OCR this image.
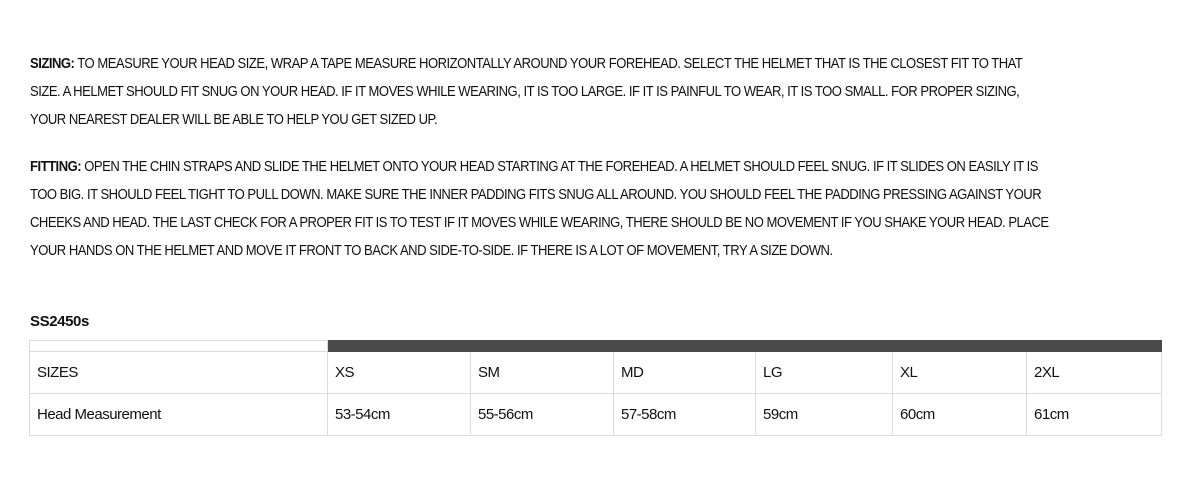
SIZING: TO MEASURE YOUR HEAD SIZE, WRAP A TAPE MEASURE HORIZONTALLY AROUND YOUR FOREHEAD. SELECT THE HELMET THAT IS THE CLOSEST FIT TO THAT SIZE. A HELMET SHOULD FIT SNUG ON YOUR HEAD. IF IT MOVES WHILE WEARING, IT IS TOO LARGE. IF IT IS PAINFUL TO WEAR, IT IS TOO SMALL. FOR PROPER SIZING, YOUR NEAREST DEALER WILL BE ABLE TO HELP YOU GET SIZED UP.

FITTING: OPEN THE CHIN STRAPS AND SLIDE THE HELMET ONTO YOUR HEAD STARTING AT THE FOREHEAD. A HELMET SHOULD FEEL SNUG. IF IT SLIDES ON EASILY IT IS TOO BIG. IT SHOULD FEEL TIGHT TO PULL DOWN. MAKE SURE THE INNER PADDING FITS SNUG ALL AROUND. YOU SHOULD FEEL THE PADDING PRESSING AGAINST YOUR CHEEKS AND HEAD. THE LAST CHECK FOR A PROPER FIT IS TO TEST IF IT MOVES WHILE WEARING, THERE SHOULD BE NO MOVEMENT IF YOU SHAKE YOUR HEAD. PLACE YOUR HANDS ON THE HELMET AND MOVE IT FRONT TO BACK AND SIDE-TO-SIDE. IF THERE IS A LOT OF MOVEMENT, TRY A SIZE DOWN.

SS2450s

SIZES	XS	SM	MD	LG	XL	2XL
Head Measurement	53-54cm	55-56cm	57-58cm	59cm	60cm	61cm
